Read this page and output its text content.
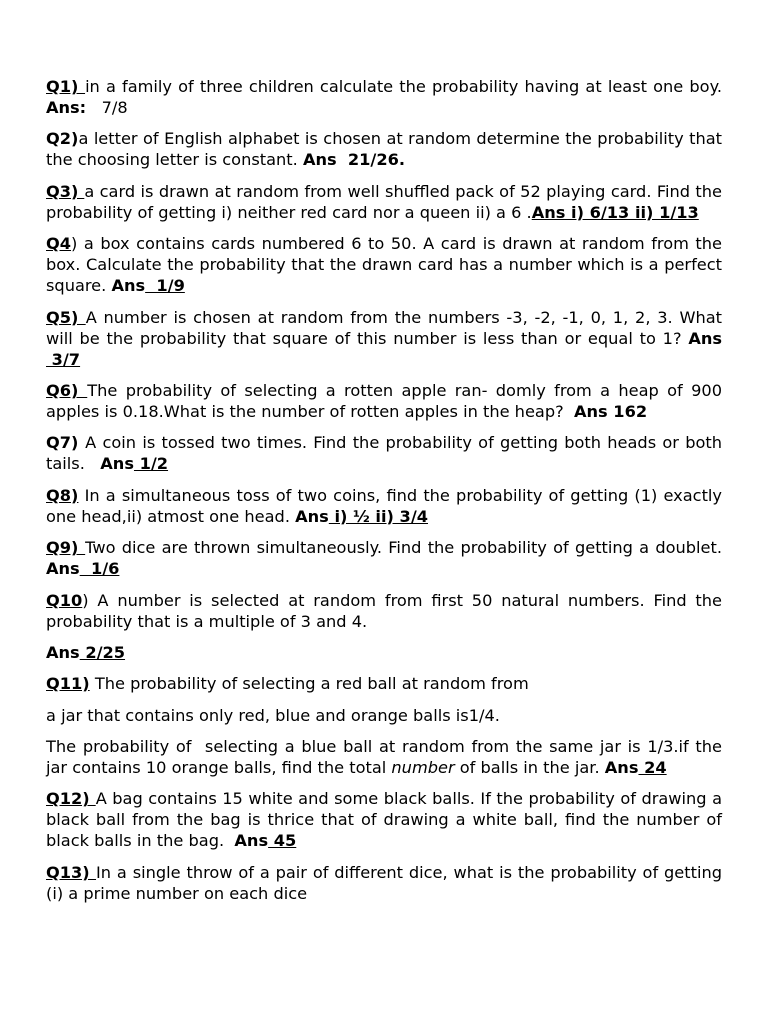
Q1) in a family of three children calculate the probability having at least one boy. Ans:   7/8

Q2)a letter of English alphabet is chosen at random determine the probability that the choosing letter is constant. Ans  21/26.

Q3) a card is drawn at random from well shuffled pack of 52 playing card. Find the probability of getting i) neither red card nor a queen ii) a 6 .Ans i) 6/13 ii) 1/13

Q4) a box contains cards numbered 6 to 50. A card is drawn at random from the box. Calculate the probability that the drawn card has a number which is a perfect square. Ans  1/9

Q5) A number is chosen at random from the numbers -3, -2, -1, 0, 1, 2, 3. What will be the probability that square of this number is less than or equal to 1? Ans 3/7

Q6) The probability of selecting a rotten apple ran- domly from a heap of 900 apples is 0.18.What is the number of rotten apples in the heap?  Ans 162

Q7) A coin is tossed two times. Find the probability of getting both heads or both tails.   Ans 1/2

Q8) In a simultaneous toss of two coins, find the probability of getting (1) exactly one head,ii) atmost one head. Ans i) ½ ii) 3/4

Q9) Two dice are thrown simultaneously. Find the probability of getting a doublet. Ans  1/6

Q10) A number is selected at random from first 50 natural numbers. Find the probability that is a multiple of 3 and 4.

Ans 2/25

Q11) The probability of selecting a red ball at random from

a jar that contains only red, blue and orange balls is1/4.

The probability of  selecting a blue ball at random from the same jar is 1/3.if the jar contains 10 orange balls, find the total number of balls in the jar. Ans 24

Q12) A bag contains 15 white and some black balls. If the probability of drawing a black ball from the bag is thrice that of drawing a white ball, find the number of black balls in the bag.  Ans 45

Q13) In a single throw of a pair of different dice, what is the probability of getting (i) a prime number on each dice
